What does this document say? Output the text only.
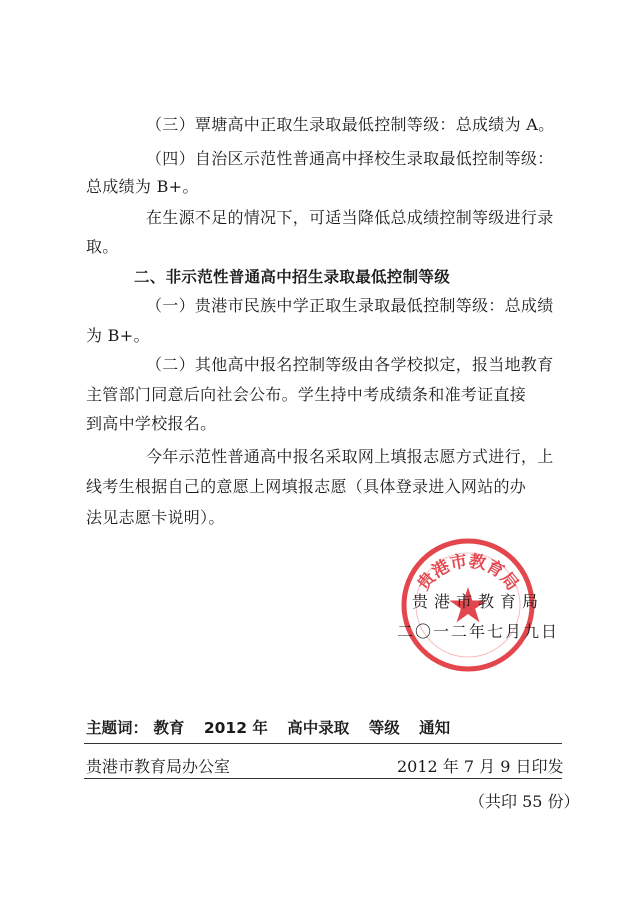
（三）覃塘高中正取生录取最低控制等级：总成绩为 A。
（四）自治区示范性普通高中择校生录取最低控制等级：
总成绩为 B+。
在生源不足的情况下，可适当降低总成绩控制等级进行录
取。
二、非示范性普通高中招生录取最低控制等级
（一）贵港市民族中学正取生录取最低控制等级：总成绩
为 B+。
（二）其他高中报名控制等级由各学校拟定，报当地教育
主管部门同意后向社会公布。学生持中考成绩条和准考证直接
到高中学校报名。
今年示范性普通高中报名采取网上填报志愿方式进行，上
线考生根据自己的意愿上网填报志愿（具体登录进入网站的办
法见志愿卡说明）。
贵港市教育局
贵港市教育局
二〇一二年七月九日
主题词： 教育 2012 年 高中录取 等级 通知
贵港市教育局办公室	2012 年 7 月 9 日印发
（共印 55 份）
